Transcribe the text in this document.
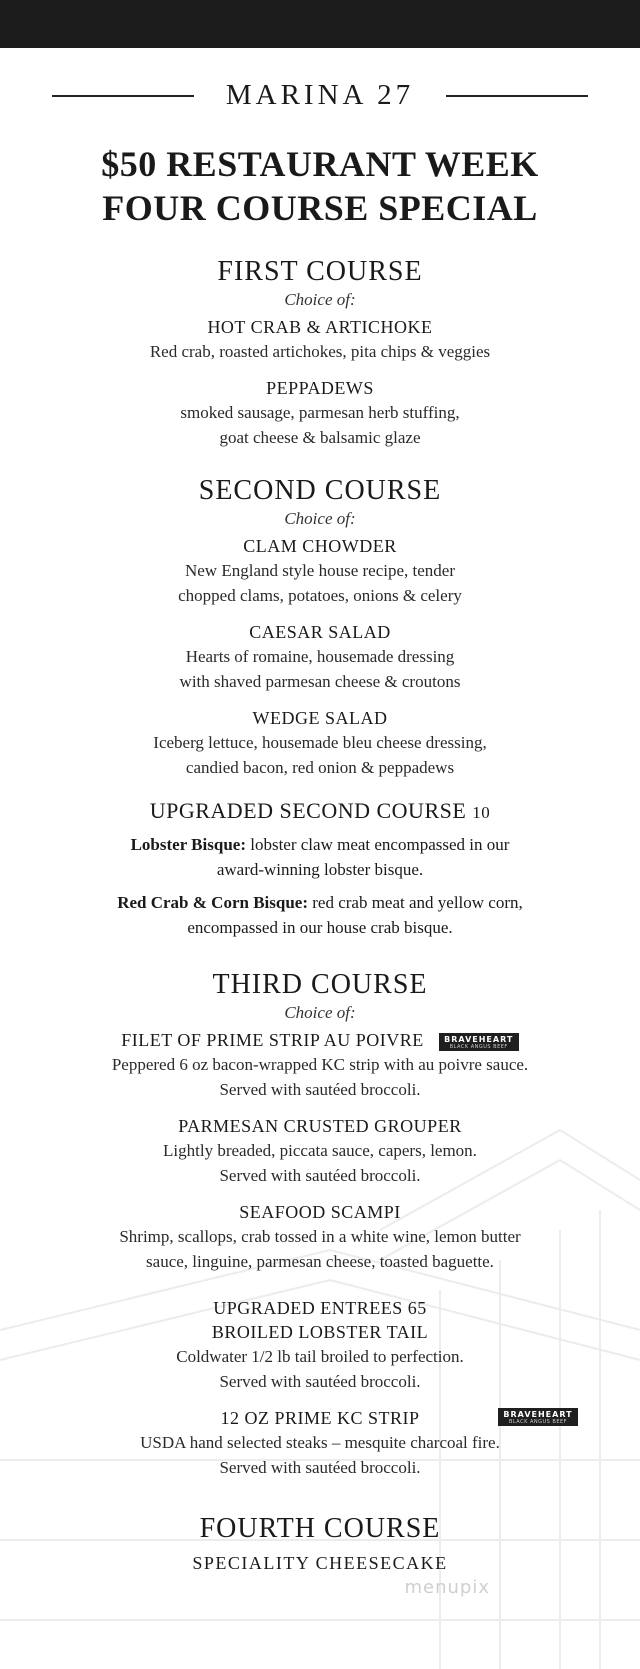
MARINA 27
$50 RESTAURANT WEEK
FOUR COURSE SPECIAL
FIRST COURSE
Choice of:
HOT CRAB & ARTICHOKE
Red crab, roasted artichokes, pita chips & veggies
PEPPADEWS
smoked sausage, parmesan herb stuffing,
goat cheese & balsamic glaze
SECOND COURSE
Choice of:
CLAM CHOWDER
New England style house recipe, tender
chopped clams, potatoes, onions & celery
CAESAR SALAD
Hearts of romaine, housemade dressing
with shaved parmesan cheese & croutons
WEDGE SALAD
Iceberg lettuce, housemade bleu cheese dressing,
candied bacon, red onion & peppadews
UPGRADED SECOND COURSE 10
Lobster Bisque: lobster claw meat encompassed in our
award-winning lobster bisque.
Red Crab & Corn Bisque: red crab meat and yellow corn,
encompassed in our house crab bisque.
THIRD COURSE
Choice of:
FILET OF PRIME STRIP AU POIVRE	BRAVEHEART
BLACK ANGUS BEEF
Peppered 6 oz bacon-wrapped KC strip with au poivre sauce.
Served with sautéed broccoli.
PARMESAN CRUSTED GROUPER
Lightly breaded, piccata sauce, capers, lemon.
Served with sautéed broccoli.
SEAFOOD SCAMPI
Shrimp, scallops, crab tossed in a white wine, lemon butter
sauce, linguine, parmesan cheese, toasted baguette.
UPGRADED ENTREES 65
BROILED LOBSTER TAIL
Coldwater 1/2 lb tail broiled to perfection.
Served with sautéed broccoli.
12 OZ PRIME KC STRIP	BRAVEHEART
BLACK ANGUS BEEF
USDA hand selected steaks – mesquite charcoal fire.
Served with sautéed broccoli.
FOURTH COURSE
SPECIALITY CHEESECAKE
menupix
